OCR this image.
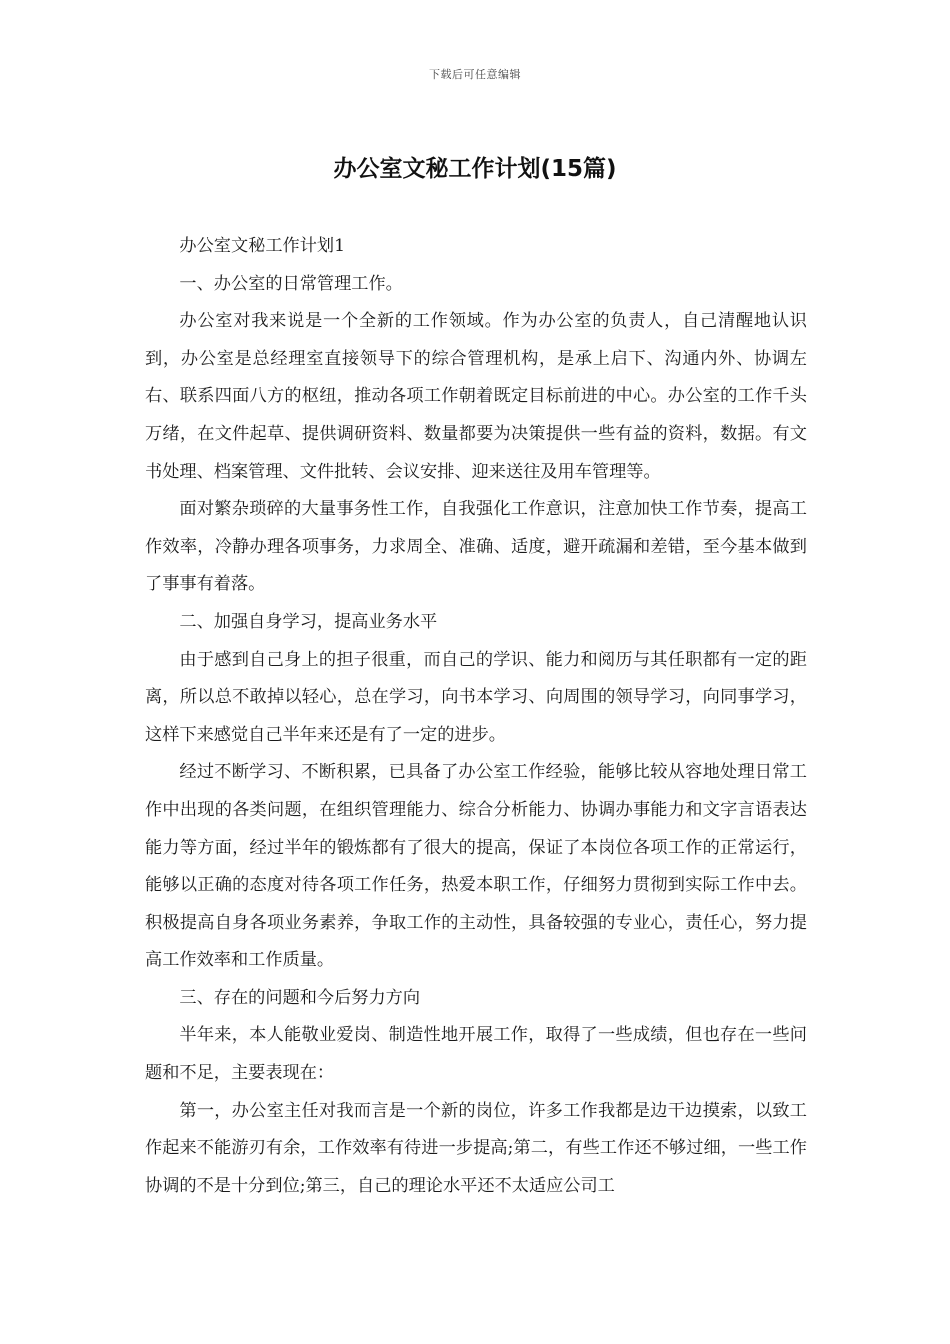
下载后可任意编辑
办公室文秘工作计划(15篇)

办公室文秘工作计划1

一、办公室的日常管理工作。

办公室对我来说是一个全新的工作领域。作为办公室的负责人，自己清醒地认识到，办公室是总经理室直接领导下的综合管理机构，是承上启下、沟通内外、协调左右、联系四面八方的枢纽，推动各项工作朝着既定目标前进的中心。办公室的工作千头万绪，在文件起草、提供调研资料、数量都要为决策提供一些有益的资料，数据。有文书处理、档案管理、文件批转、会议安排、迎来送往及用车管理等。

面对繁杂琐碎的大量事务性工作，自我强化工作意识，注意加快工作节奏，提高工作效率，冷静办理各项事务，力求周全、准确、适度，避开疏漏和差错，至今基本做到了事事有着落。

二、加强自身学习，提高业务水平

由于感到自己身上的担子很重，而自己的学识、能力和阅历与其任职都有一定的距离，所以总不敢掉以轻心，总在学习，向书本学习、向周围的领导学习，向同事学习，这样下来感觉自己半年来还是有了一定的进步。

经过不断学习、不断积累，已具备了办公室工作经验，能够比较从容地处理日常工作中出现的各类问题，在组织管理能力、综合分析能力、协调办事能力和文字言语表达能力等方面，经过半年的锻炼都有了很大的提高，保证了本岗位各项工作的正常运行，能够以正确的态度对待各项工作任务，热爱本职工作，仔细努力贯彻到实际工作中去。积极提高自身各项业务素养，争取工作的主动性，具备较强的专业心，责任心，努力提高工作效率和工作质量。

三、存在的问题和今后努力方向

半年来，本人能敬业爱岗、制造性地开展工作，取得了一些成绩，但也存在一些问题和不足，主要表现在：

第一，办公室主任对我而言是一个新的岗位，许多工作我都是边干边摸索，以致工作起来不能游刃有余，工作效率有待进一步提高;第二，有些工作还不够过细，一些工作协调的不是十分到位;第三，自己的理论水平还不太适应公司工
